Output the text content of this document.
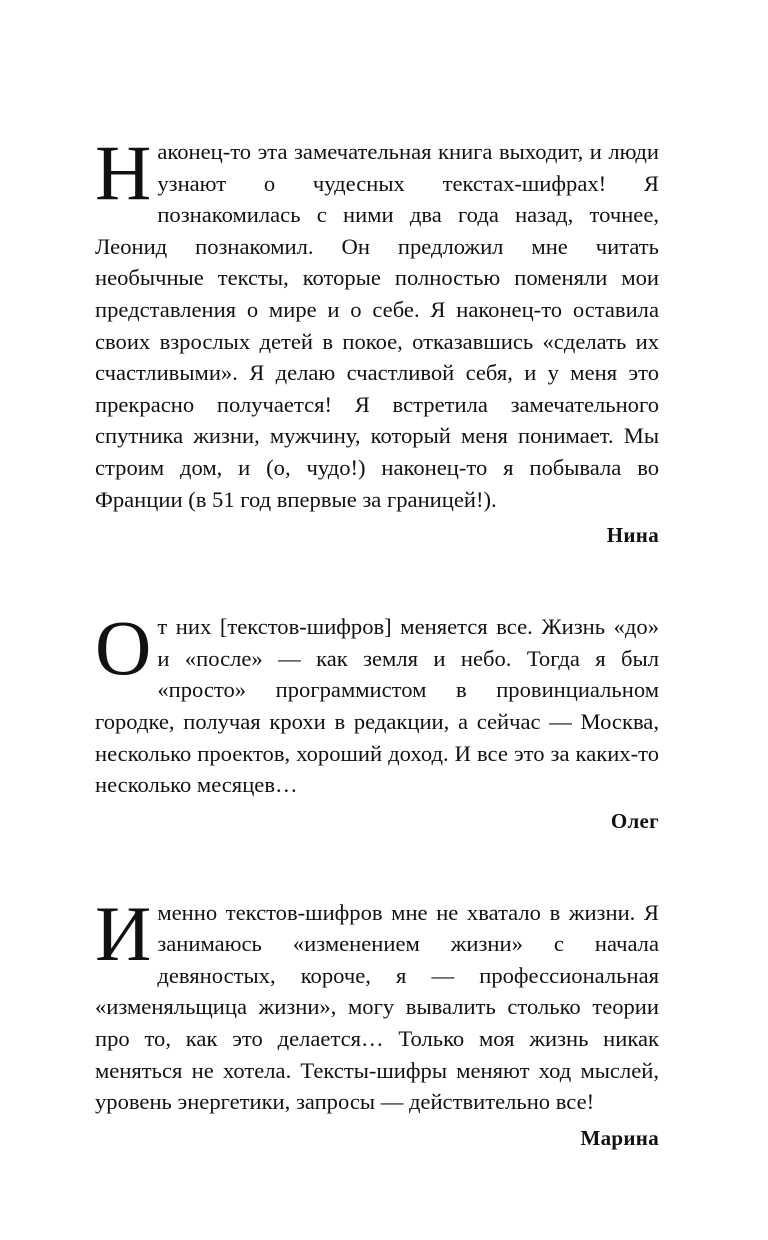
Наконец-то эта замечательная книга выходит, и люди узнают о чудесных текстах-шифрах! Я познакомилась с ними два года назад, точнее, Леонид познакомил. Он предложил мне читать необычные тексты, которые полностью поменяли мои представления о мире и о себе. Я наконец-то оставила своих взрослых детей в покое, отказавшись «сделать их счастливыми». Я делаю счастливой себя, и у меня это прекрасно получается! Я встретила замечательного спутника жизни, мужчину, который меня понимает. Мы строим дом, и (о, чудо!) наконец-то я побывала во Франции (в 51 год впервые за границей!).

Нина

От них [текстов-шифров] меняется все. Жизнь «до» и «после» — как земля и небо. Тогда я был «просто» программистом в провинциальном городке, получая крохи в редакции, а сейчас — Москва, несколько проектов, хороший доход. И все это за каких-то несколько месяцев…

Олег

Именно текстов-шифров мне не хватало в жизни. Я занимаюсь «изменением жизни» с начала девяностых, короче, я — профессиональная «изменяльщица жизни», могу вывалить столько теории про то, как это делается… Только моя жизнь никак меняться не хотела. Тексты-шифры меняют ход мыслей, уровень энергетики, запросы — действительно все!

Марина
